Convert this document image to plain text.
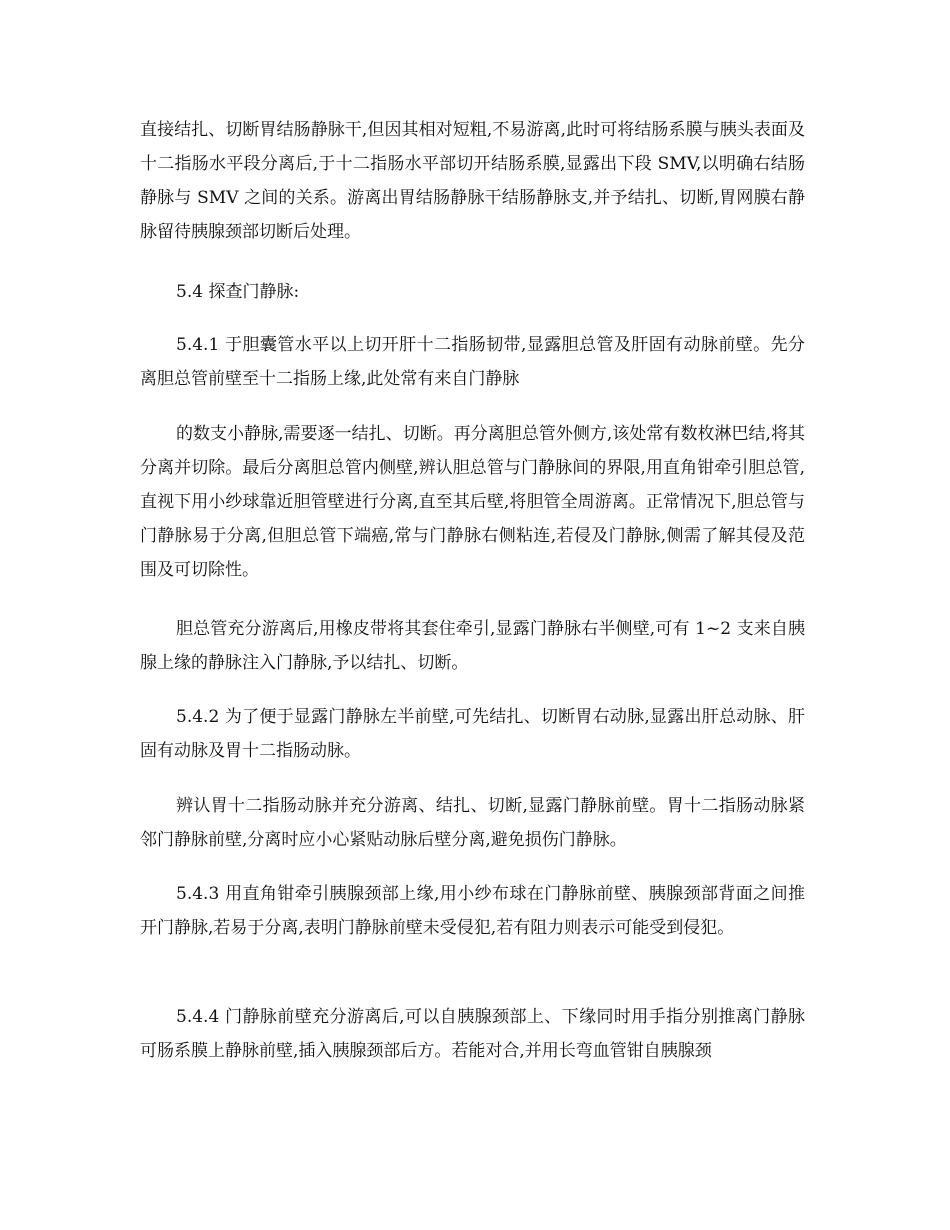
直接结扎、切断胃结肠静脉干,但因其相对短粗,不易游离,此时可将结肠系膜与胰头表面及十二指肠水平段分离后,于十二指肠水平部切开结肠系膜,显露出下段 SMV,以明确右结肠静脉与 SMV 之间的关系。游离出胃结肠静脉干结肠静脉支,并予结扎、切断,胃网膜右静脉留待胰腺颈部切断后处理。

5.4 探查门静脉:

5.4.1 于胆囊管水平以上切开肝十二指肠韧带,显露胆总管及肝固有动脉前壁。先分离胆总管前壁至十二指肠上缘,此处常有来自门静脉

的数支小静脉,需要逐一结扎、切断。再分离胆总管外侧方,该处常有数枚淋巴结,将其分离并切除。最后分离胆总管内侧壁,辨认胆总管与门静脉间的界限,用直角钳牵引胆总管,直视下用小纱球靠近胆管壁进行分离,直至其后壁,将胆管全周游离。正常情况下,胆总管与门静脉易于分离,但胆总管下端癌,常与门静脉右侧粘连,若侵及门静脉,侧需了解其侵及范围及可切除性。

胆总管充分游离后,用橡皮带将其套住牵引,显露门静脉右半侧壁,可有 1~2 支来自胰腺上缘的静脉注入门静脉,予以结扎、切断。

5.4.2 为了便于显露门静脉左半前壁,可先结扎、切断胃右动脉,显露出肝总动脉、肝固有动脉及胃十二指肠动脉。

辨认胃十二指肠动脉并充分游离、结扎、切断,显露门静脉前壁。胃十二指肠动脉紧邻门静脉前壁,分离时应小心紧贴动脉后壁分离,避免损伤门静脉。

5.4.3 用直角钳牵引胰腺颈部上缘,用小纱布球在门静脉前壁、胰腺颈部背面之间推开门静脉,若易于分离,表明门静脉前壁未受侵犯,若有阻力则表示可能受到侵犯。

5.4.4 门静脉前壁充分游离后,可以自胰腺颈部上、下缘同时用手指分别推离门静脉可肠系膜上静脉前壁,插入胰腺颈部后方。若能对合,并用长弯血管钳自胰腺颈
